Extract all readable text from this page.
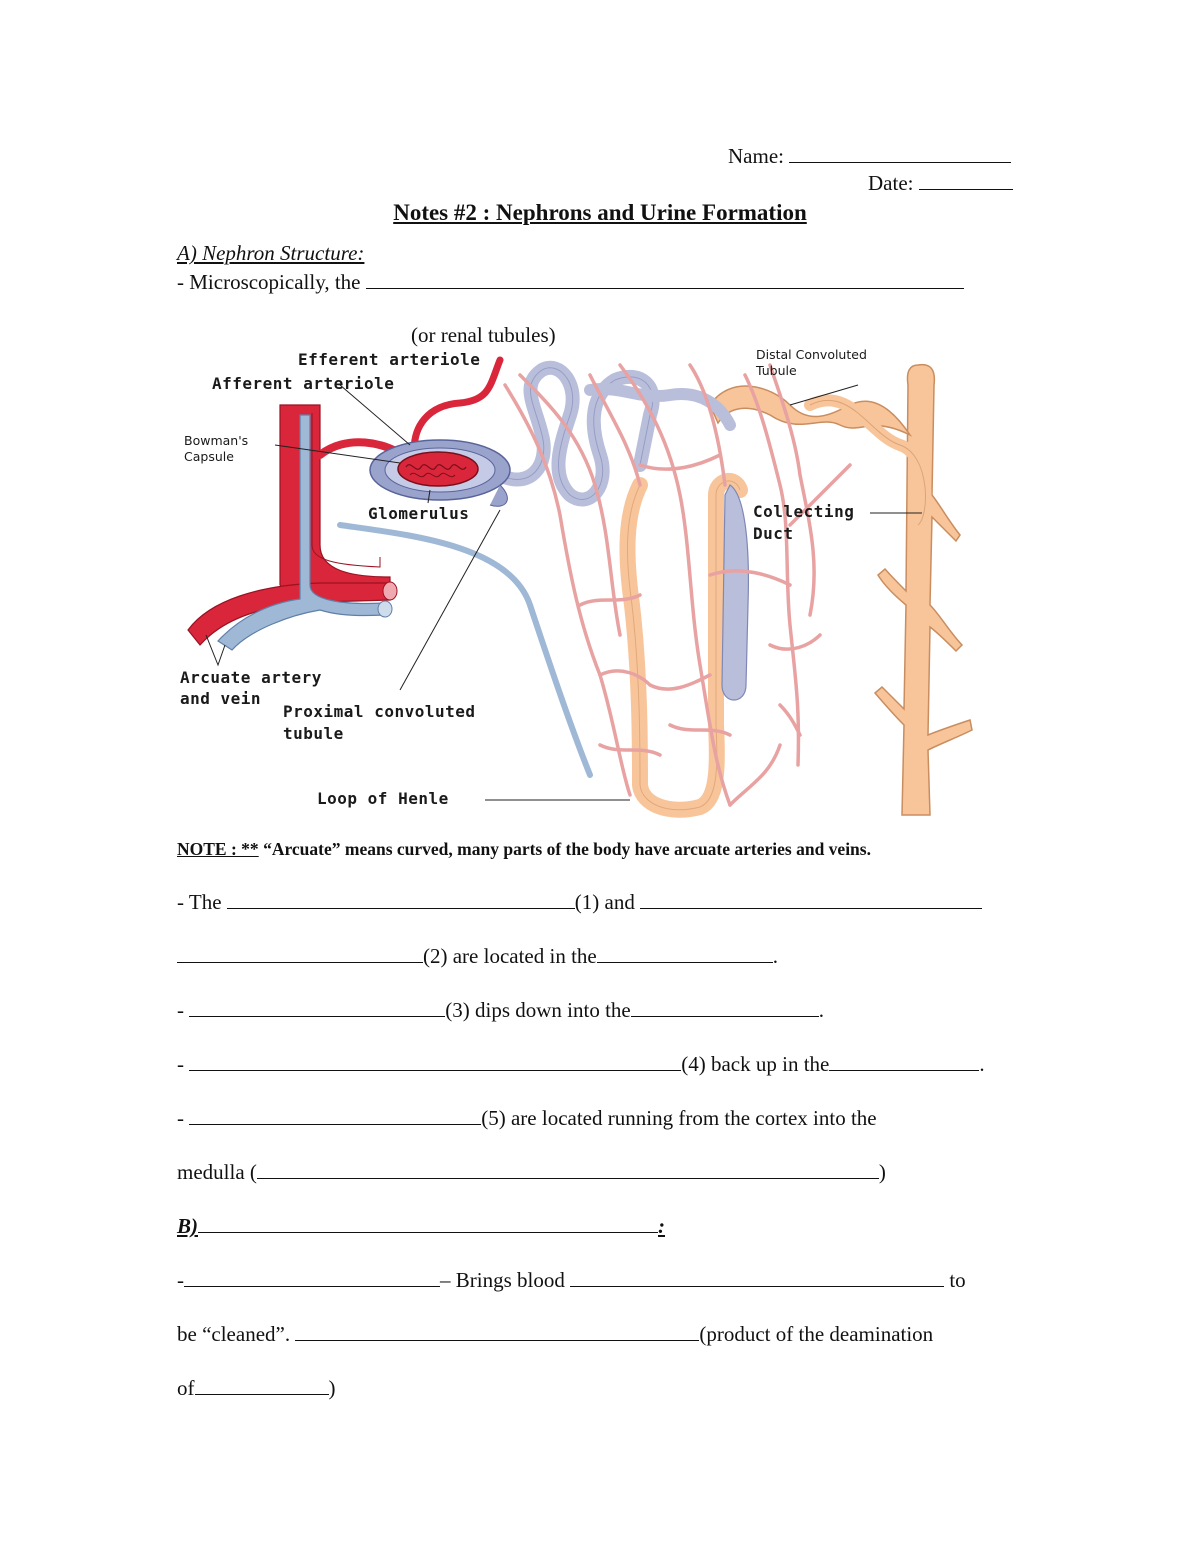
Name:
Date:
Notes #2 : Nephrons and Urine Formation
A) Nephron Structure:
- Microscopically, the
(or renal tubules)
Efferent arteriole
Afferent arteriole
Bowman's
Capsule
Glomerulus
Distal Convoluted
Tubule
Collecting
Duct
Arcuate artery
and vein
Proximal convoluted
tubule
Loop of Henle
NOTE : ** “Arcuate” means curved, many parts of the body have arcuate arteries and veins.
- The	(1) and
(2) are located in the	.
-	(3) dips down into the	.
-	(4) back up in the	.
-	(5) are located running from the cortex into the
medulla (	)
B)	:
-	– Brings blood	to
be “cleaned”.	(product of the deamination
of	)
